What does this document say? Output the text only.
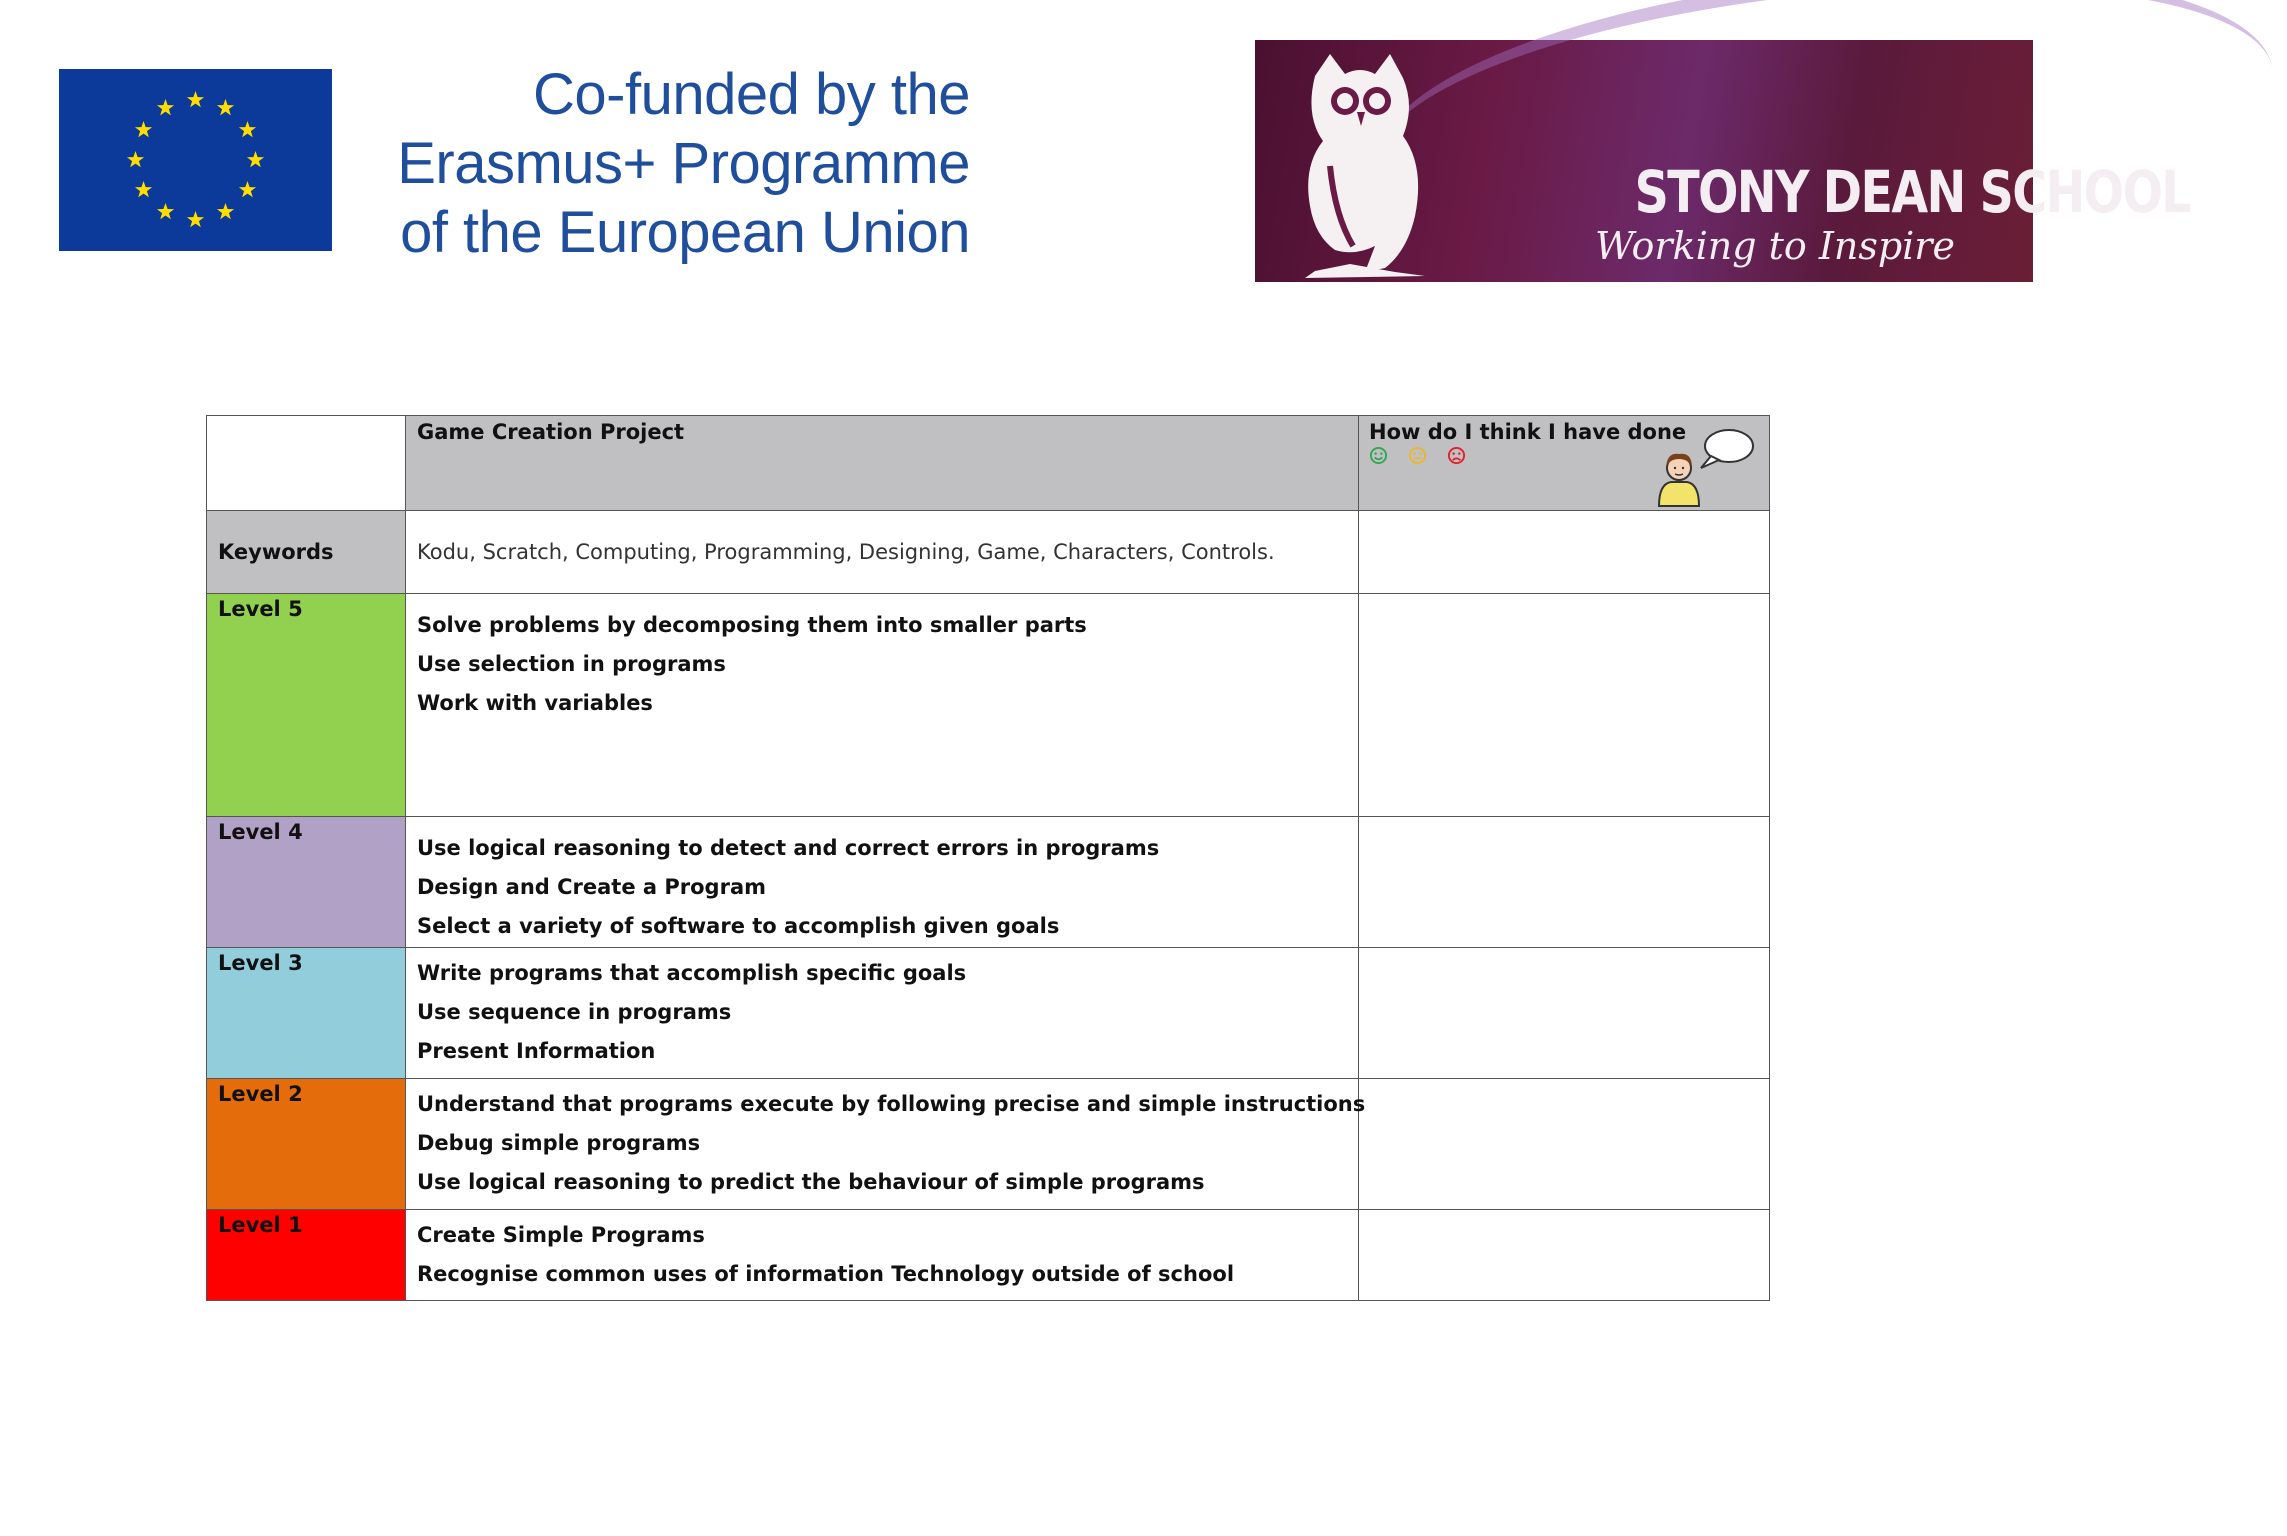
Co-funded by the
Erasmus+ Programme
of the European Union
STONY DEAN SCHOOL
Working to Inspire

	Game Creation Project	How do I think I have done

Keywords	Kodu, Scratch, Computing, Programming, Designing, Game, Characters, Controls.	

Level 5	Solve problems by decomposing them into smaller parts
Use selection in programs
Work with variables	

Level 4	Use logical reasoning to detect and correct errors in programs
Design and Create a Program
Select a variety of software to accomplish given goals	

Level 3	Write programs that accomplish specific goals
Use sequence in programs
Present Information	

Level 2	Understand that programs execute by following precise and simple instructions
Debug simple programs
Use logical reasoning to predict the behaviour of simple programs	

Level 1	Create Simple Programs
Recognise common uses of information Technology outside of school	
